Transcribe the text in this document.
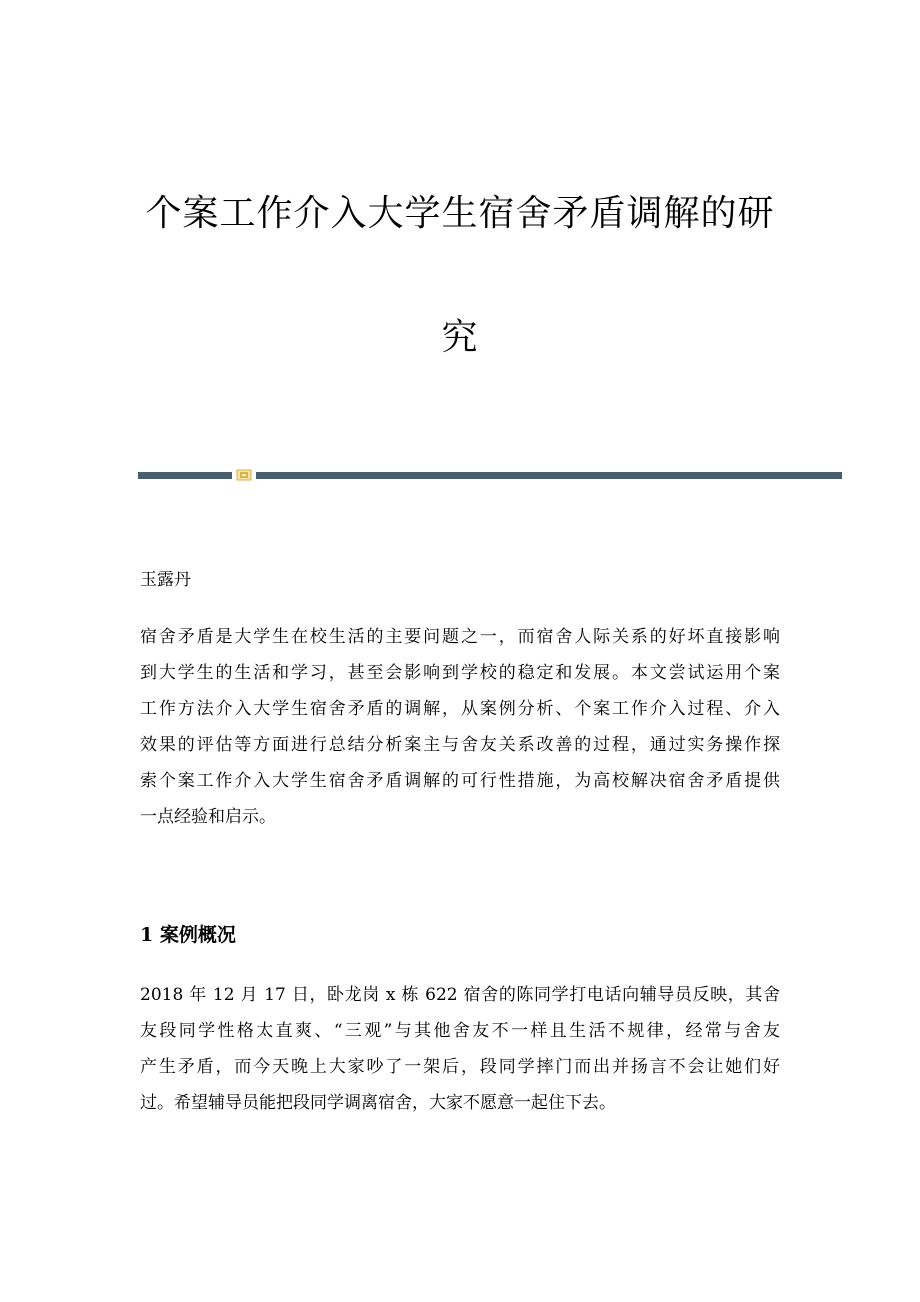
个案工作介入大学生宿舍矛盾调解的研
究

玉露丹

宿舍矛盾是大学生在校生活的主要问题之一，而宿舍人际关系的好坏直接影响
到大学生的生活和学习，甚至会影响到学校的稳定和发展。本文尝试运用个案
工作方法介入大学生宿舍矛盾的调解，从案例分析、个案工作介入过程、介入
效果的评估等方面进行总结分析案主与舍友关系改善的过程，通过实务操作探
索个案工作介入大学生宿舍矛盾调解的可行性措施，为高校解决宿舍矛盾提供
一点经验和启示。
1 案例概况
2018 年 12 月 17 日，卧龙岗 x 栋 622 宿舍的陈同学打电话向辅导员反映，其舍
友段同学性格太直爽、“三观”与其他舍友不一样且生活不规律，经常与舍友
产生矛盾，而今天晚上大家吵了一架后，段同学摔门而出并扬言不会让她们好
过。希望辅导员能把段同学调离宿舍，大家不愿意一起住下去。
